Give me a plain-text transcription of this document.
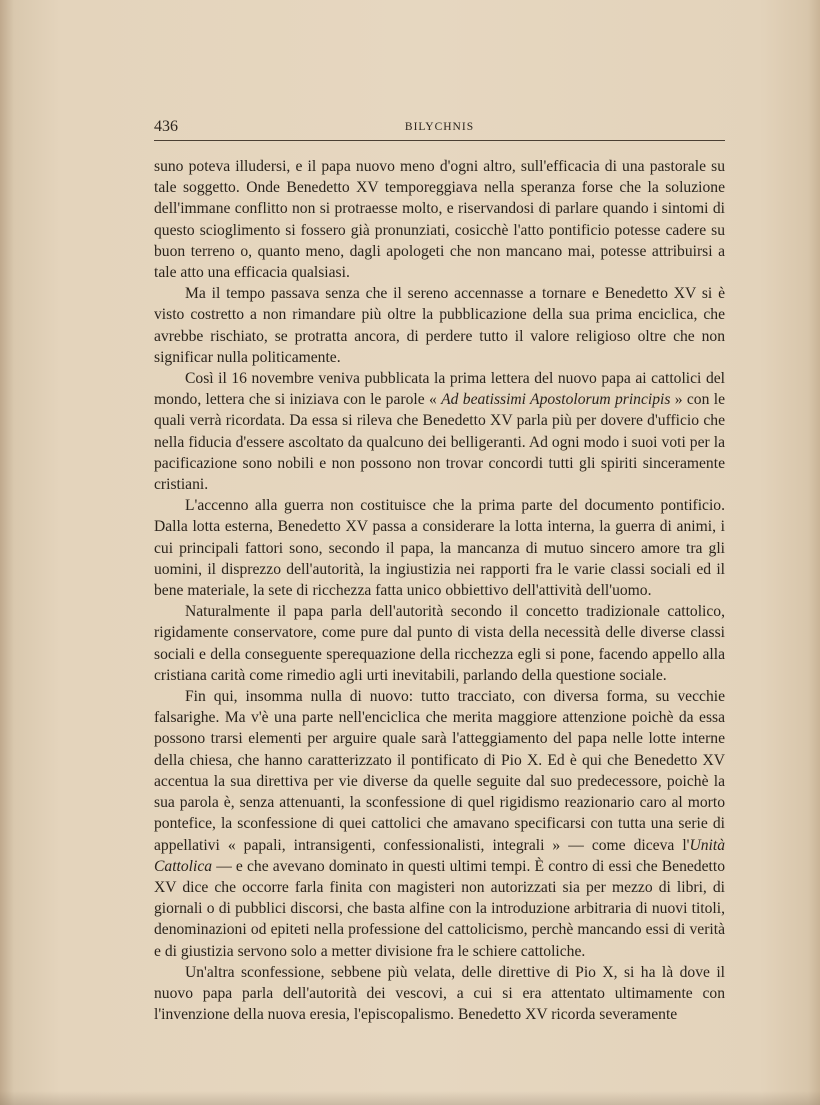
436	BILYCHNIS

suno poteva illudersi, e il papa nuovo meno d'ogni altro, sull'efficacia di una pastorale su tale soggetto. Onde Benedetto XV temporeggiava nella speranza forse che la soluzione dell'immane conflitto non si protraesse molto, e riservandosi di parlare quando i sintomi di questo scioglimento si fossero già pronunziati, cosicchè l'atto pontificio potesse cadere su buon terreno o, quanto meno, dagli apologeti che non mancano mai, potesse attribuirsi a tale atto una efficacia qualsiasi.

Ma il tempo passava senza che il sereno accennasse a tornare e Benedetto XV si è visto costretto a non rimandare più oltre la pubblicazione della sua prima enciclica, che avrebbe rischiato, se protratta ancora, di perdere tutto il valore religioso oltre che non significar nulla politicamente.

Così il 16 novembre veniva pubblicata la prima lettera del nuovo papa ai cattolici del mondo, lettera che si iniziava con le parole « Ad beatissimi Apostolorum principis » con le quali verrà ricordata. Da essa si rileva che Benedetto XV parla più per dovere d'ufficio che nella fiducia d'essere ascoltato da qualcuno dei belligeranti. Ad ogni modo i suoi voti per la pacificazione sono nobili e non possono non trovar concordi tutti gli spiriti sinceramente cristiani.

L'accenno alla guerra non costituisce che la prima parte del documento pontificio. Dalla lotta esterna, Benedetto XV passa a considerare la lotta interna, la guerra di animi, i cui principali fattori sono, secondo il papa, la mancanza di mutuo sincero amore tra gli uomini, il disprezzo dell'autorità, la ingiustizia nei rapporti fra le varie classi sociali ed il bene materiale, la sete di ricchezza fatta unico obbiettivo dell'attività dell'uomo.

Naturalmente il papa parla dell'autorità secondo il concetto tradizionale cattolico, rigidamente conservatore, come pure dal punto di vista della necessità delle diverse classi sociali e della conseguente sperequazione della ricchezza egli si pone, facendo appello alla cristiana carità come rimedio agli urti inevitabili, parlando della questione sociale.

Fin qui, insomma nulla di nuovo: tutto tracciato, con diversa forma, su vecchie falsarighe. Ma v'è una parte nell'enciclica che merita maggiore attenzione poichè da essa possono trarsi elementi per arguire quale sarà l'atteggiamento del papa nelle lotte interne della chiesa, che hanno caratterizzato il pontificato di Pio X. Ed è qui che Benedetto XV accentua la sua direttiva per vie diverse da quelle seguite dal suo predecessore, poichè la sua parola è, senza attenuanti, la sconfessione di quel rigidismo reazionario caro al morto pontefice, la sconfessione di quei cattolici che amavano specificarsi con tutta una serie di appellativi « papali, intransigenti, confessionalisti, integrali » — come diceva l'Unità Cattolica — e che avevano dominato in questi ultimi tempi. È contro di essi che Benedetto XV dice che occorre farla finita con magisteri non autorizzati sia per mezzo di libri, di giornali o di pubblici discorsi, che basta alfine con la introduzione arbitraria di nuovi titoli, denominazioni od epiteti nella professione del cattolicismo, perchè mancando essi di verità e di giustizia servono solo a metter divisione fra le schiere cattoliche.

Un'altra sconfessione, sebbene più velata, delle direttive di Pio X, si ha là dove il nuovo papa parla dell'autorità dei vescovi, a cui si era attentato ultimamente con l'invenzione della nuova eresia, l'episcopalismo. Benedetto XV ricorda severamente
